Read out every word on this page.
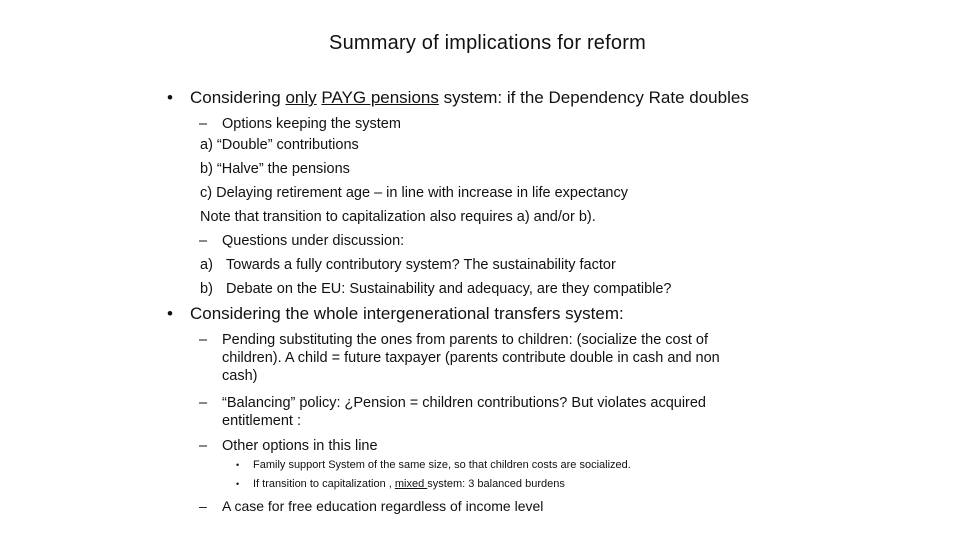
Summary of implications for reform
• Considering only PAYG pensions system: if the Dependency Rate doubles
– Options keeping the system
a) “Double” contributions
b) “Halve” the pensions
c) Delaying retirement age – in line with increase in life expectancy
Note that transition to capitalization also requires a) and/or b).
– Questions under discussion:
a) Towards a fully contributory system? The sustainability factor
b) Debate on the EU: Sustainability and adequacy, are they compatible?
• Considering the whole intergenerational transfers system:
– Pending substituting the ones from parents to children: (socialize the cost of
children). A child = future taxpayer (parents contribute double in cash and non
cash)
– “Balancing” policy: ¿Pension = children contributions? But violates acquired
entitlement :
– Other options in this line
• Family support System of the same size, so that children costs are socialized.
• If transition to capitalization , mixed system: 3 balanced burdens
– A case for free education regardless of income level
